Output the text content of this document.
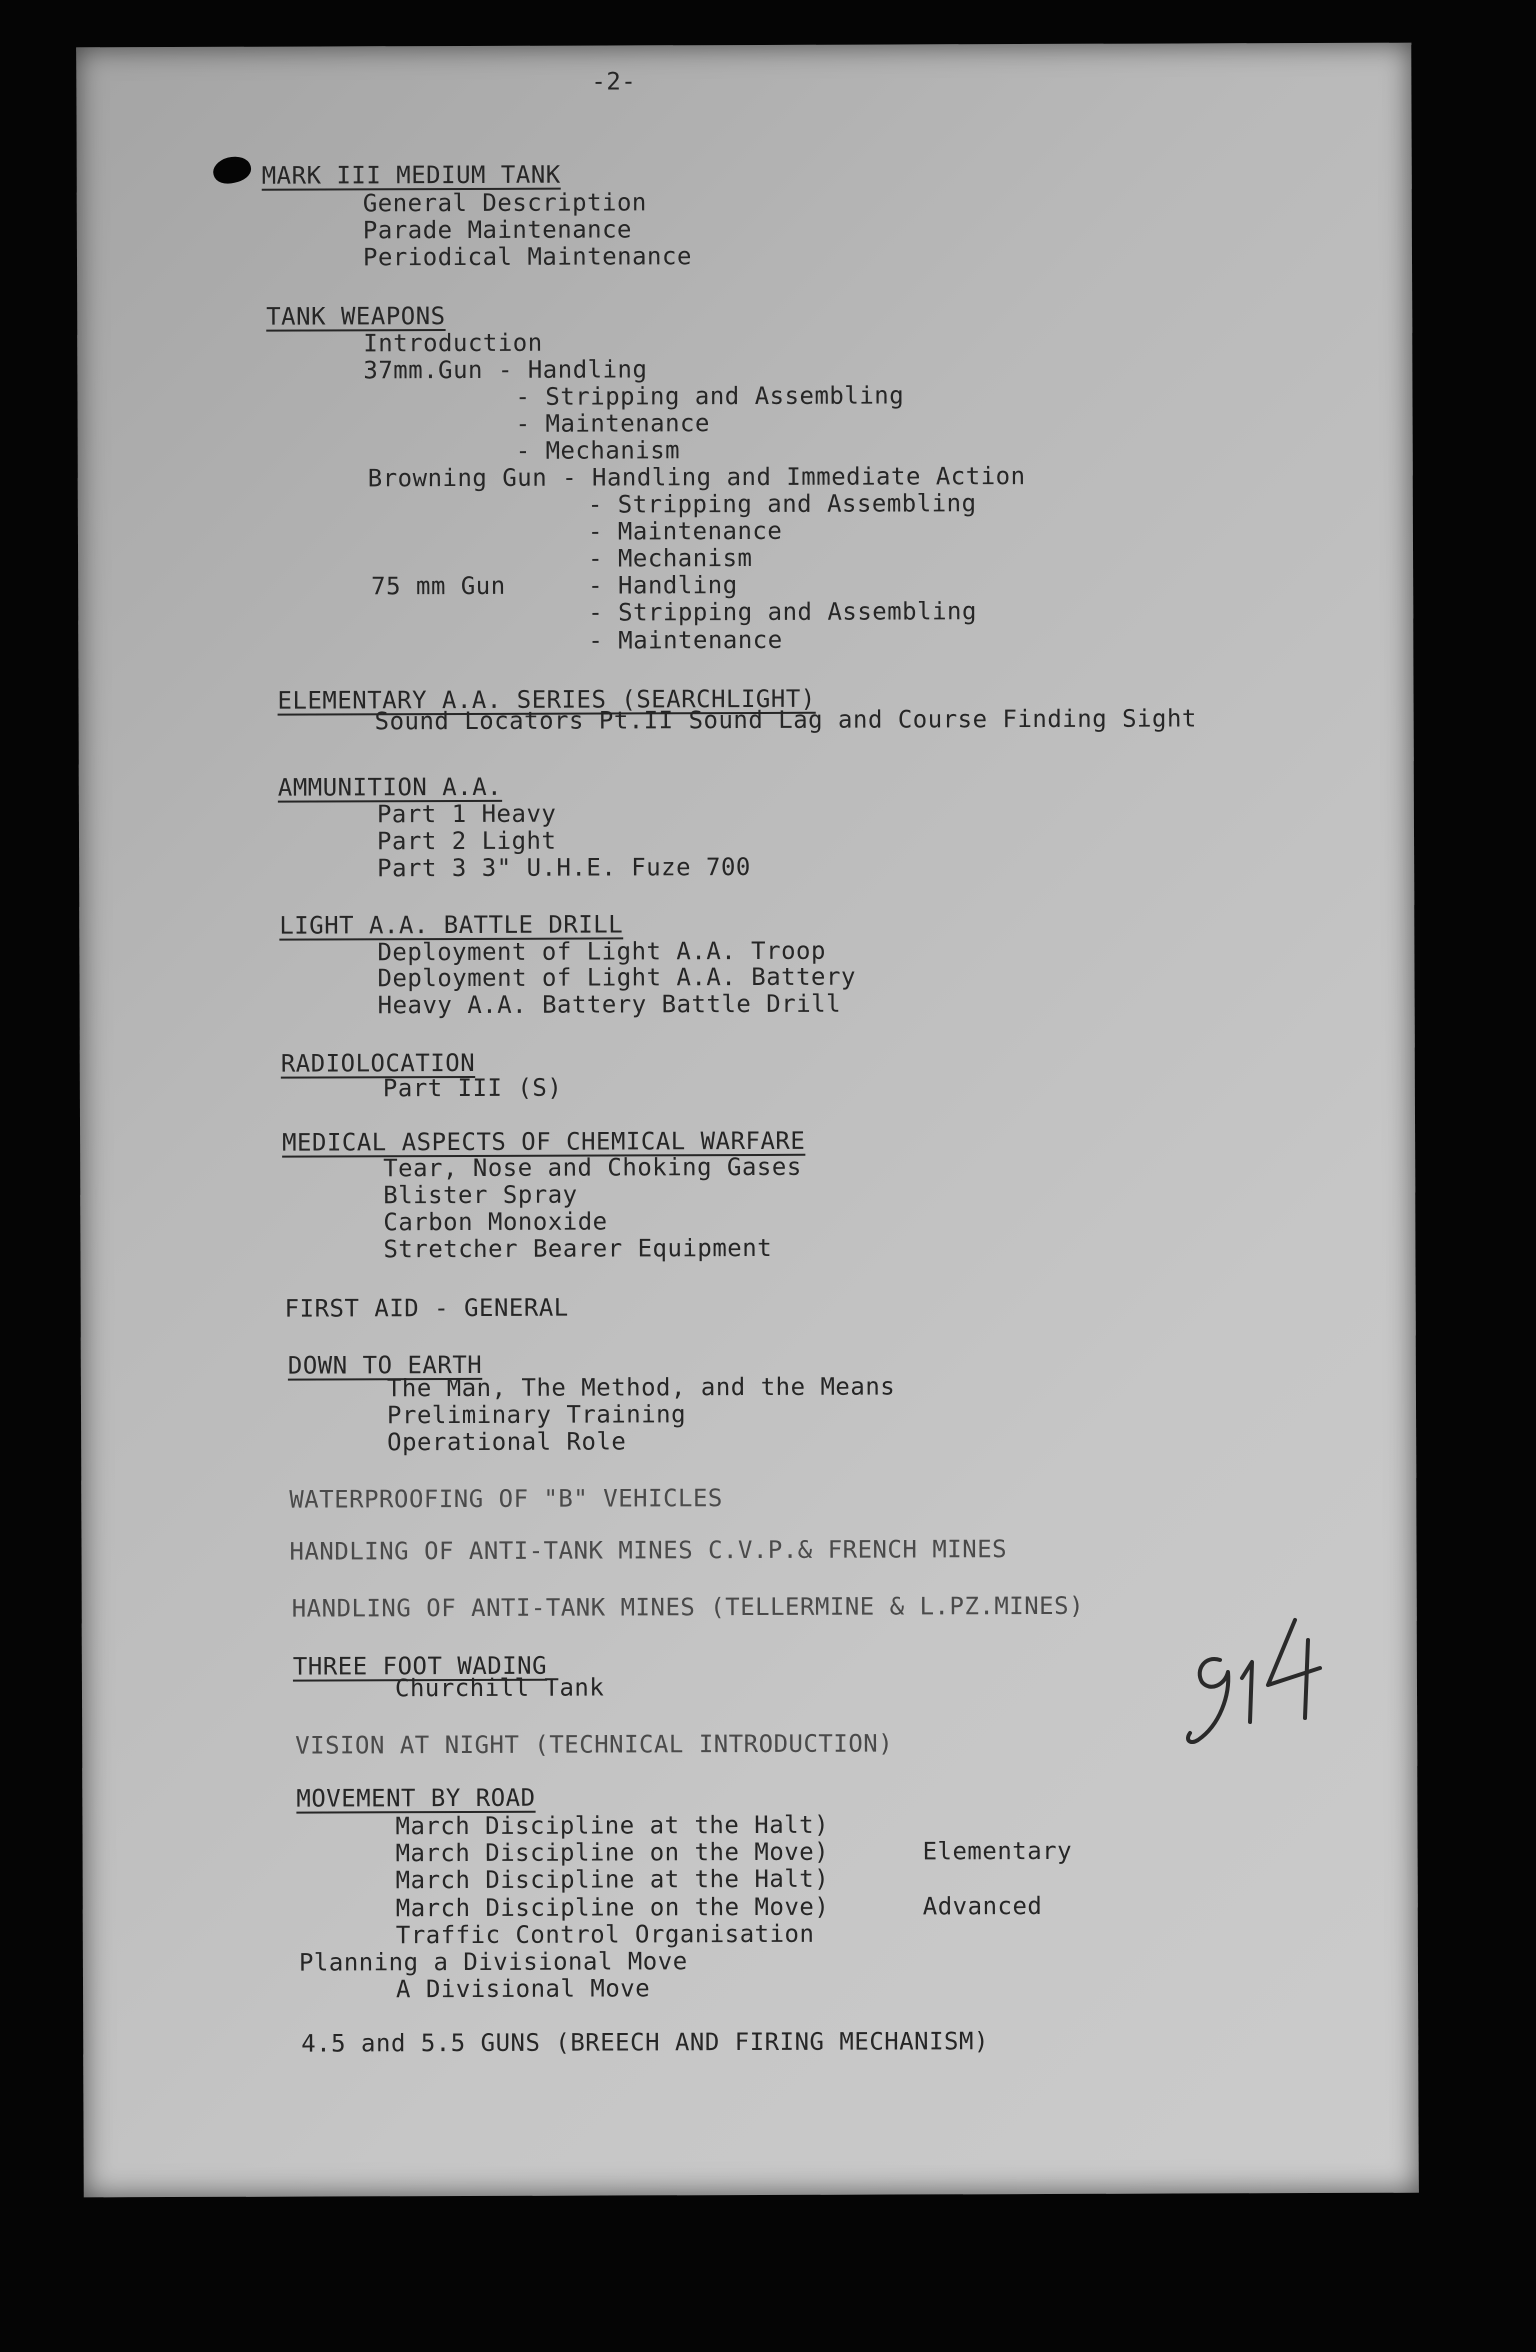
-2-
MARK III MEDIUM TANK
General Description
Parade Maintenance
Periodical Maintenance
TANK WEAPONS
Introduction
37mm.Gun - Handling
- Stripping and Assembling
- Maintenance
- Mechanism
Browning Gun - Handling and Immediate Action
- Stripping and Assembling
- Maintenance
- Mechanism
75 mm Gun	- Handling
- Stripping and Assembling
- Maintenance
ELEMENTARY A.A. SERIES (SEARCHLIGHT)
Sound Locators Pt.II Sound Lag and Course Finding Sight
AMMUNITION A.A.
Part 1 Heavy
Part 2 Light
Part 3 3" U.H.E. Fuze 700
LIGHT A.A. BATTLE DRILL
Deployment of Light A.A. Troop
Deployment of Light A.A. Battery
Heavy A.A. Battery Battle Drill
RADIOLOCATION
Part III (S)
MEDICAL ASPECTS OF CHEMICAL WARFARE
Tear, Nose and Choking Gases
Blister Spray
Carbon Monoxide
Stretcher Bearer Equipment
FIRST AID - GENERAL
DOWN TO EARTH
The Man, The Method, and the Means
Preliminary Training
Operational Role
WATERPROOFING OF "B" VEHICLES
HANDLING OF ANTI-TANK MINES C.V.P.& FRENCH MINES
HANDLING OF ANTI-TANK MINES (TELLERMINE & L.PZ.MINES)
THREE FOOT WADING
Churchill Tank
VISION AT NIGHT (TECHNICAL INTRODUCTION)
MOVEMENT BY ROAD
March Discipline at the Halt)
March Discipline on the Move)	Elementary
March Discipline at the Halt)
March Discipline on the Move)	Advanced
Traffic Control Organisation
Planning a Divisional Move
A Divisional Move
4.5 and 5.5 GUNS (BREECH AND FIRING MECHANISM)
